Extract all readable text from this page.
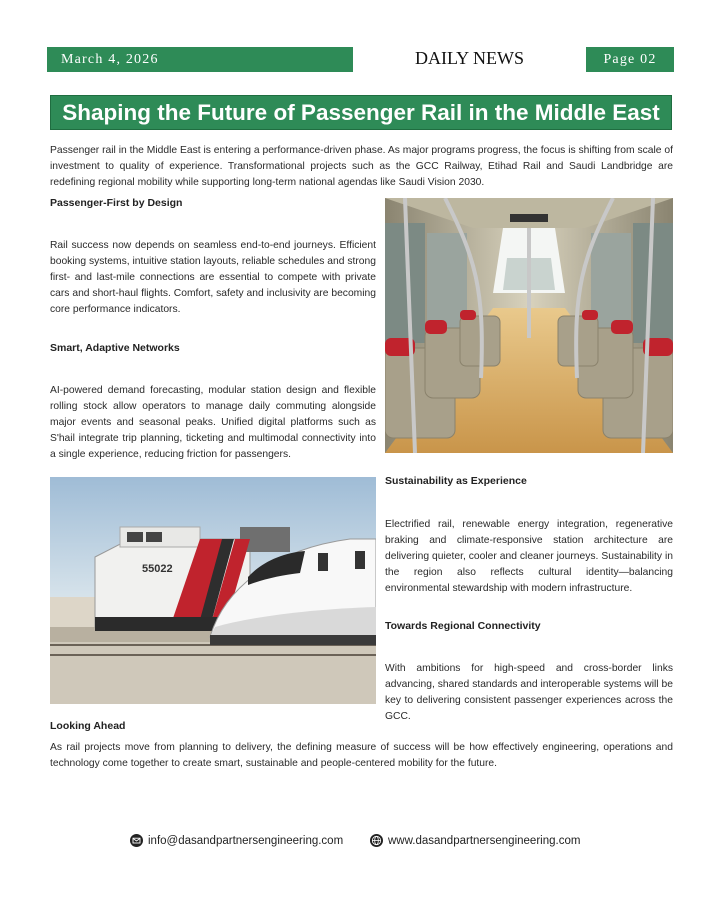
March 4, 2026	DAILY NEWS	Page 02
Shaping the Future of Passenger Rail in the Middle East

Passenger rail in the Middle East is entering a performance-driven phase. As major programs progress, the focus is shifting from scale of investment to quality of experience. Transformational projects such as the GCC Railway, Etihad Rail and Saudi Landbridge are redefining regional mobility while supporting long-term national agendas like Saudi Vision 2030.

Passenger-First by Design

Rail success now depends on seamless end-to-end journeys. Efficient booking systems, intuitive station layouts, reliable schedules and strong first- and last-mile connections are essential to compete with private cars and short-haul flights. Comfort, safety and inclusivity are becoming core performance indicators.

Smart, Adaptive Networks

AI-powered demand forecasting, modular station design and flexible rolling stock allow operators to manage daily commuting alongside major events and seasonal peaks. Unified digital platforms such as S'hail integrate trip planning, ticketing and multimodal connectivity into a single experience, reducing friction for passengers.

55022

Sustainability as Experience

Electrified rail, renewable energy integration, regenerative braking and climate-responsive station architecture are delivering quieter, cooler and cleaner journeys. Sustainability in the region also reflects cultural identity—balancing environmental stewardship with modern infrastructure.

Towards Regional Connectivity

With ambitions for high-speed and cross-border links advancing, shared standards and interoperable systems will be key to delivering consistent passenger experiences across the GCC.

Looking Ahead

As rail projects move from planning to delivery, the defining measure of success will be how effectively engineering, operations and technology come together to create smart, sustainable and people-centered mobility for the future.

info@dasandpartnersengineering.com	www.dasandpartnersengineering.com
